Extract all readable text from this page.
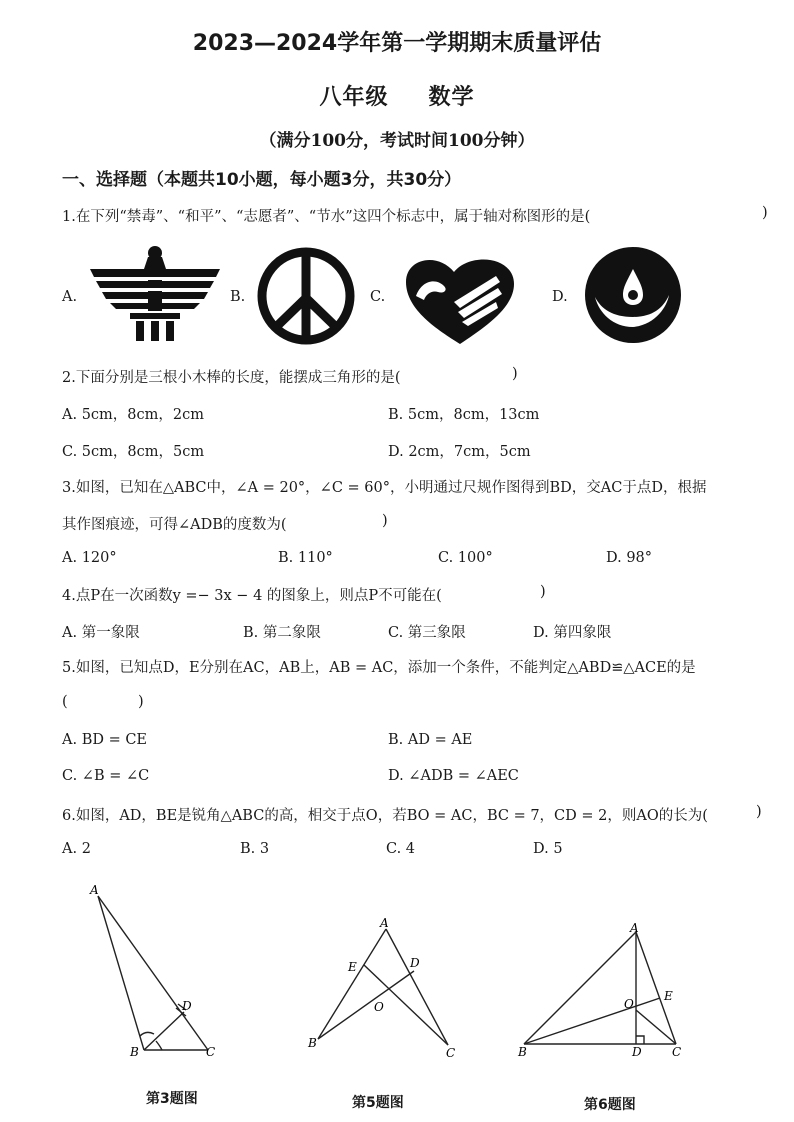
2023—2024学年第一学期期末质量评估
八年级 数学
（满分100分，考试时间100分钟）
一、选择题（本题共10小题，每小题3分，共30分）
1.在下列“禁毒”、“和平”、“志愿者”、“节水”这四个标志中，属于轴对称图形的是(	)
A.	B.	C.	D.
2.下面分别是三根小木棒的长度，能摆成三角形的是(	)
A. 5cm，8cm，2cm	B. 5cm，8cm，13cm
C. 5cm，8cm，5cm	D. 2cm，7cm，5cm
3.如图，已知在△ABC中，∠A = 20°，∠C = 60°，小明通过尺规作图得到BD，交AC于点D，根据
其作图痕迹，可得∠ADB的度数为(	)
A. 120°	B. 110°	C. 100°	D. 98°
4.点P在一次函数y =− 3x − 4 的图象上，则点P不可能在(	)
A. 第一象限	B. 第二象限	C. 第三象限	D. 第四象限
5.如图，已知点D，E分别在AC，AB上，AB = AC，添加一个条件，不能判定△ABD≌△ACE的是
(	)
A. BD = CE	B. AD = AE
C. ∠B = ∠C	D. ∠ADB = ∠AEC
6.如图，AD，BE是锐角△ABC的高，相交于点O，若BO = AC，BC = 7，CD = 2，则AO的长为(	)
A. 2	B. 3	C. 4	D. 5
A
B	C
D
第3题图
A
B
C
D
E
O
第5题图
A
B	C
D
E
O
第6题图
